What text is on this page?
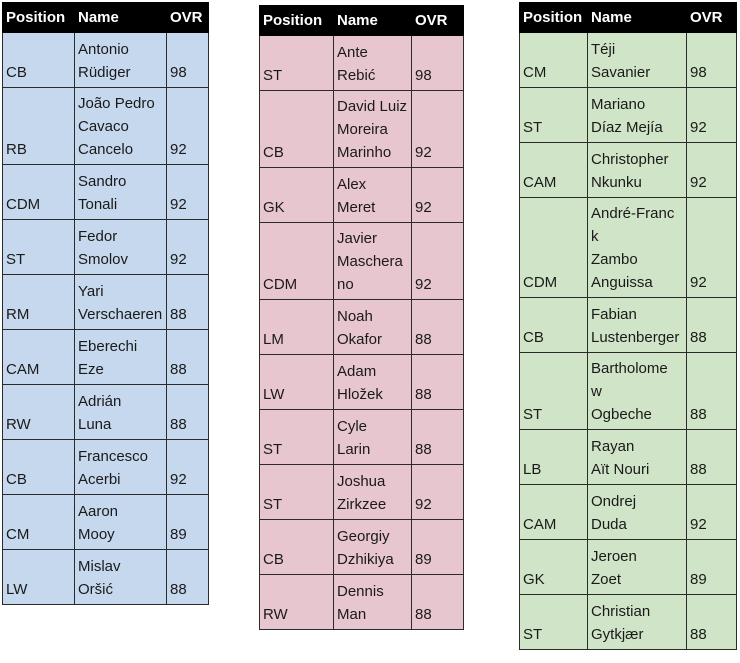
Position	Name	OVR
CB	Antonio
Rüdiger	98
RB	João Pedro
Cavaco
Cancelo	92
CDM	Sandro
Tonali	92
ST	Fedor
Smolov	92
RM	Yari
Verschaeren	88
CAM	Eberechi
Eze	88
RW	Adrián
Luna	88
CB	Francesco
Acerbi	92
CM	Aaron
Mooy	89
LW	Mislav
Oršić	88
Position	Name	OVR
ST	Ante
Rebić	98
CB	David Luiz
Moreira
Marinho	92
GK	Alex
Meret	92
CDM	Javier
Maschera
no	92
LM	Noah
Okafor	88
LW	Adam
Hložek	88
ST	Cyle
Larin	88
ST	Joshua
Zirkzee	92
CB	Georgiy
Dzhikiya	89
RW	Dennis
Man	88
Position	Name	OVR
CM	Téji
Savanier	98
ST	Mariano
Díaz Mejía	92
CAM	Christopher
Nkunku	92
CDM	André-Franc
k
Zambo
Anguissa	92
CB	Fabian
Lustenberger	88
ST	Bartholome
w
Ogbeche	88
LB	Rayan
Aït Nouri	88
CAM	Ondrej
Duda	92
GK	Jeroen
Zoet	89
ST	Christian
Gytkjær	88
